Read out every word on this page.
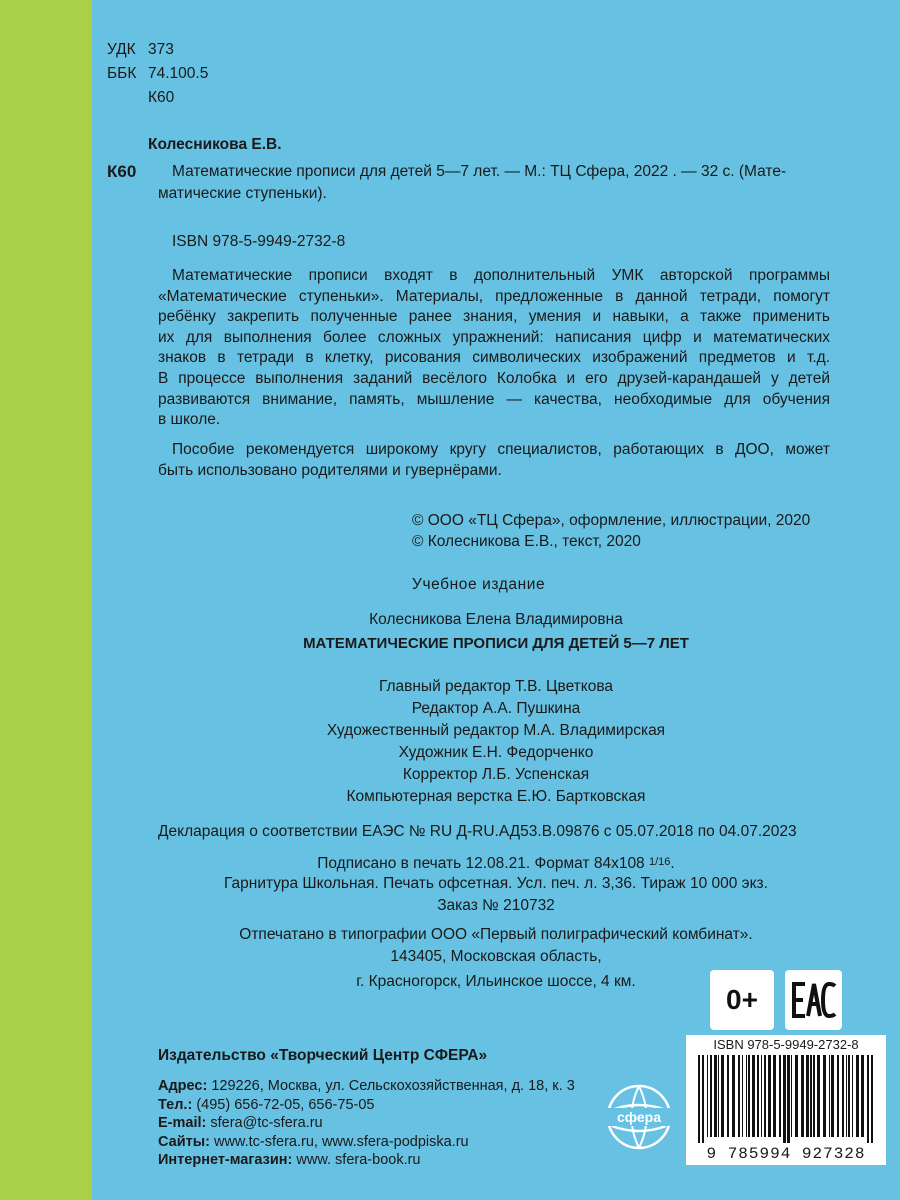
УДК 373

ББК 74.100.5

К60

Колесникова Е.В.

К60 Математические прописи для детей 5—7 лет. — М.: ТЦ Сфера, 2022 . — 32 с. (Мате-

матические ступеньки).

ISBN 978-5-9949-2732-8

Математические прописи входят в дополнительный УМК авторской программы
«Математические ступеньки». Материалы, предложенные в данной тетради, помогут
ребёнку закрепить полученные ранее знания, умения и навыки, а также применить
их для выполнения более сложных упражнений: написания цифр и математических
знаков в тетради в клетку, рисования символических изображений предметов и т.д.
В процессе выполнения заданий весёлого Колобка и его друзей-карандашей у детей
развиваются внимание, память, мышление — качества, необходимые для обучения
в школе.
Пособие рекомендуется широкому кругу специалистов, работающих в ДОО, может
быть использовано родителями и гувернёрами.

© ООО «ТЦ Сфера», оформление, иллюстрации, 2020

© Колесникова Е.В., текст, 2020

Учебное издание

Колесникова Елена Владимировна

МАТЕМАТИЧЕСКИЕ ПРОПИСИ ДЛЯ ДЕТЕЙ 5—7 ЛЕТ

Главный редактор Т.В. Цветкова

Редактор А.А. Пушкина

Художественный редактор М.А. Владимирская

Художник Е.Н. Федорченко

Корректор Л.Б. Успенская

Компьютерная верстка Е.Ю. Бартковская

Декларация о соответствии ЕАЭС № RU Д-RU.АД53.В.09876 с 05.07.2018 по 04.07.2023

Подписано в печать 12.08.21. Формат 84х108 1/16.

Гарнитура Школьная. Печать офсетная. Усл. печ. л. 3,36. Тираж 10 000 экз.

Заказ № 210732

Отпечатано в типографии ООО «Первый полиграфический комбинат».

143405, Московская область,

г. Красногорск, Ильинское шоссе, 4 км.

0+

Издательство «Творческий Центр СФЕРА»

Адрес: 129226, Москва, ул. Сельскохозяйственная, д. 18, к. 3
Тел.: (495) 656-72-05, 656-75-05
E-mail: sfera@tc-sfera.ru
Сайты: www.tc-sfera.ru, www.sfera-podpiska.ru
Интернет-магазин: www. sfera-book.ru
сфера
ISBN 978-5-9949-2732-8
9 785994 927328
